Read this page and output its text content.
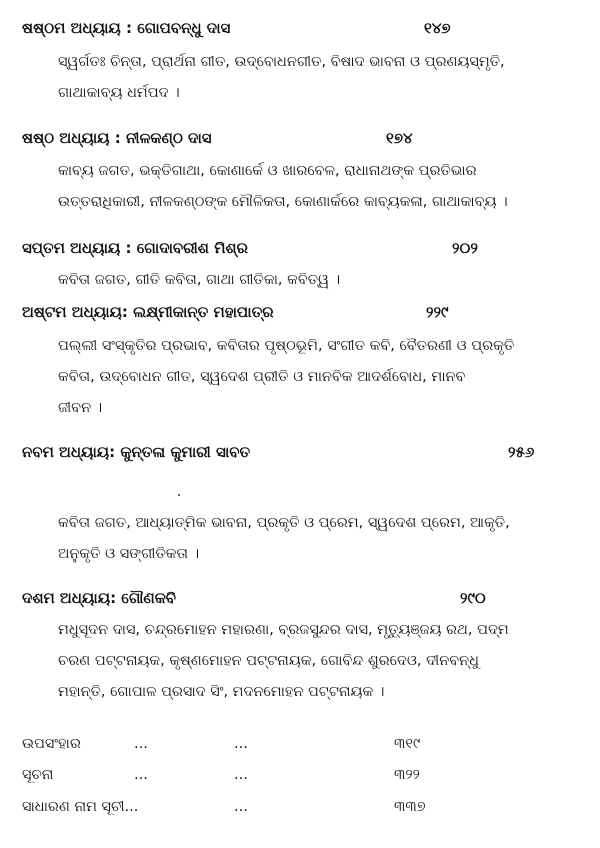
ଷଷ୍ଠମ ଅଧ୍ୟାୟ : ଗୋପବନ୍ଧୁ ଦାସ	୧୪୭
ସ୍ୱର୍ଗତଃ ଚିନ୍ତା, ପ୍ରାର୍ଥନା ଗୀତ, ଉଦ୍‌ବୋଧନଗୀତ, ବିଷାଦ ଭାବନା ଓ ପ୍ରଣୟସ୍ମୃତି,
ଗାଥାକାବ୍ୟ ଧର୍ମପଦ ।
ଷଷ୍ଠ ଅଧ୍ୟାୟ : ନୀଳକଣ୍ଠ ଦାସ	୧୭୪
କାବ୍ୟ ଜଗତ, ଭକ୍ତିଗାଥା, କୋଣାର୍କେ ଓ ଖାରବେଳ, ରାଧାନାଥଙ୍କ ପ୍ରତିଭାର
ଉତ୍ତରାଧିକାରୀ, ନୀଳକଣ୍ଠଙ୍କ ମୌଳିକତା, କୋଣାର୍କରେ କାବ୍ୟକଳା, ଗାଥାକାବ୍ୟ ।
ସପ୍ତମ ଅଧ୍ୟାୟ : ଗୋଦାବରୀଶ ମିଶ୍ର	୨୦୨
କବିତା ଜଗତ, ଗୀତି କବିତା, ଗାଥା ଗୀତିକା, କବିତ୍ୱ ।
ଅଷ୍ଟମ ଅଧ୍ୟାୟ: ଲକ୍ଷ୍ମୀକାନ୍ତ ମହାପାତ୍ର	୨୨୯
ପଲ୍ଲୀ ସଂସ୍କୃତିର ପ୍ରଭାବ, କବିତାର ପୃଷ୍ଠଭୂମି, ସଂଗୀତ କବି, ବୈତରଣୀ ଓ ପ୍ରକୃତି
କବିତା, ଉଦ୍‌ବୋଧନ ଗୀତ, ସ୍ୱଦେଶ ପ୍ରୀତି ଓ ମାନବିକ ଆଦର୍ଶବୋଧ, ମାନବ
ଜୀବନ ।
ନବମ ଅଧ୍ୟାୟ: କୁନ୍ତଳା କୁମାରୀ ସାବତ	୨୫୬
କବିତା ଜଗତ, ଆଧ୍ୟାତ୍ମିକ ଭାବନା, ପ୍ରକୃତି ଓ ପ୍ରେମ, ସ୍ୱଦେଶ ପ୍ରେମ, ଆକୃତି,
ଅନୁକୃତି ଓ ସଙ୍ଗୀତିକତା ।
ଦଶମ ଅଧ୍ୟାୟ: ଗୌଣକବି	୨୯୦
ମଧୁସୂଦନ ଦାସ, ଚନ୍ଦ୍ରମୋହନ ମହାରଣା, ବ୍ରଜସୁନ୍ଦର ଦାସ, ମୃତ୍ୟୁଞ୍ଜୟ ରଥ, ପଦ୍ମ
ଚରଣ ପଟ୍ଟନାୟକ, କୃଷ୍ଣମୋହନ ପଟ୍ଟନାୟକ, ଗୋବିନ୍ଦ ଶୁରଦେଓ, ଦୀନବନ୍ଧୁ
ମହାନ୍ତି, ଗୋପାଳ ପ୍ରସାଦ ସିଂ, ମଦନମୋହନ ପଟ୍ଟନାୟକ ।
ଉପସଂହାର	...	...	୩୧୯
ସୂଚନା	...	...	୩୨୨
ସାଧାରଣ ନାମ ସୂଚୀ...	...	୩୩୭
